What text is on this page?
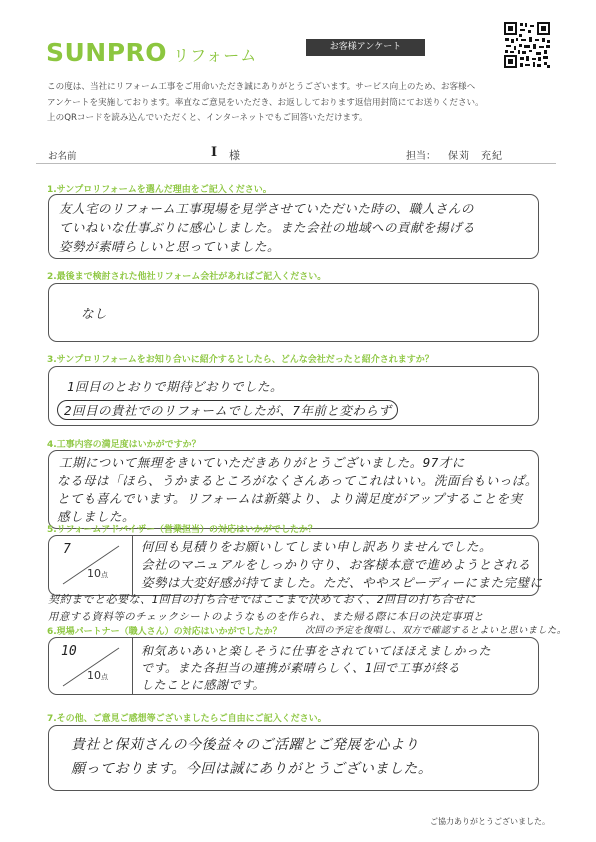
SUNPRO リフォーム	お客様アンケート

この度は、当社にリフォーム工事をご用命いただき誠にありがとうございます。サービス向上のため、お客様へ

アンケートを実施しております。率直なご意見をいただき、お返ししております返信用封筒にてお送りください。

上のQRコードを読み込んでいただくと、インターネットでもご回答いただけます。

お名前	I 様	担当： 保苅　充紀
1.サンプロリフォームを選んだ理由をご記入ください。
友人宅のリフォーム工事現場を見学させていただいた時の、職人さんの
ていねいな仕事ぶりに感心しました。また会社の地域への貢献を揚げる
姿勢が素晴らしいと思っていました。
2.最後まで検討された他社リフォーム会社があればご記入ください。
なし
3.サンプロリフォームをお知り合いに紹介するとしたら、どんな会社だったと紹介されますか？
1回目のとおりで期待どおりでした。
2回目の貴社でのリフォームでしたが、7年前と変わらず
4.工事内容の満足度はいかがですか？
工期について無理をきいていただきありがとうございました。97才に
なる母は「ほら、うかまるところがなくさんあってこれはいい。洗面台もいっぱ。
とても喜んでいます。リフォームは新築より、より満足度がアップすることを実
感しました。
5.リフォームアドバイザー（営業担当）の対応はいかがでしたか？
7
10点
何回も見積りをお願いしてしまい申し訳ありませんでした。
会社のマニュアルをしっかり守り、お客様本意で進めようとされる
姿勢は大変好感が持てました。ただ、ややスピーディーにまた完璧に
契約までと必要な、1回目の打ち合せではここまで決めておく、2回目の打ち合せに
用意する資料等のチェックシートのようなものを作られ、また帰る際に本日の決定事項と
次回の予定を復唱し、双方で確認するとよいと思いました。
6.現場パートナー（職人さん）の対応はいかがでしたか？
10
10点
和気あいあいと楽しそうに仕事をされていてほほえましかった
です。また各担当の連携が素晴らしく、1回で工事が終る
したことに感謝です。
7.その他、ご意見ご感想等ございましたらご自由にご記入ください。
貴社と保苅さんの今後益々のご活躍とご発展を心より
願っております。今回は誠にありがとうございました。
ご協力ありがとうございました。
